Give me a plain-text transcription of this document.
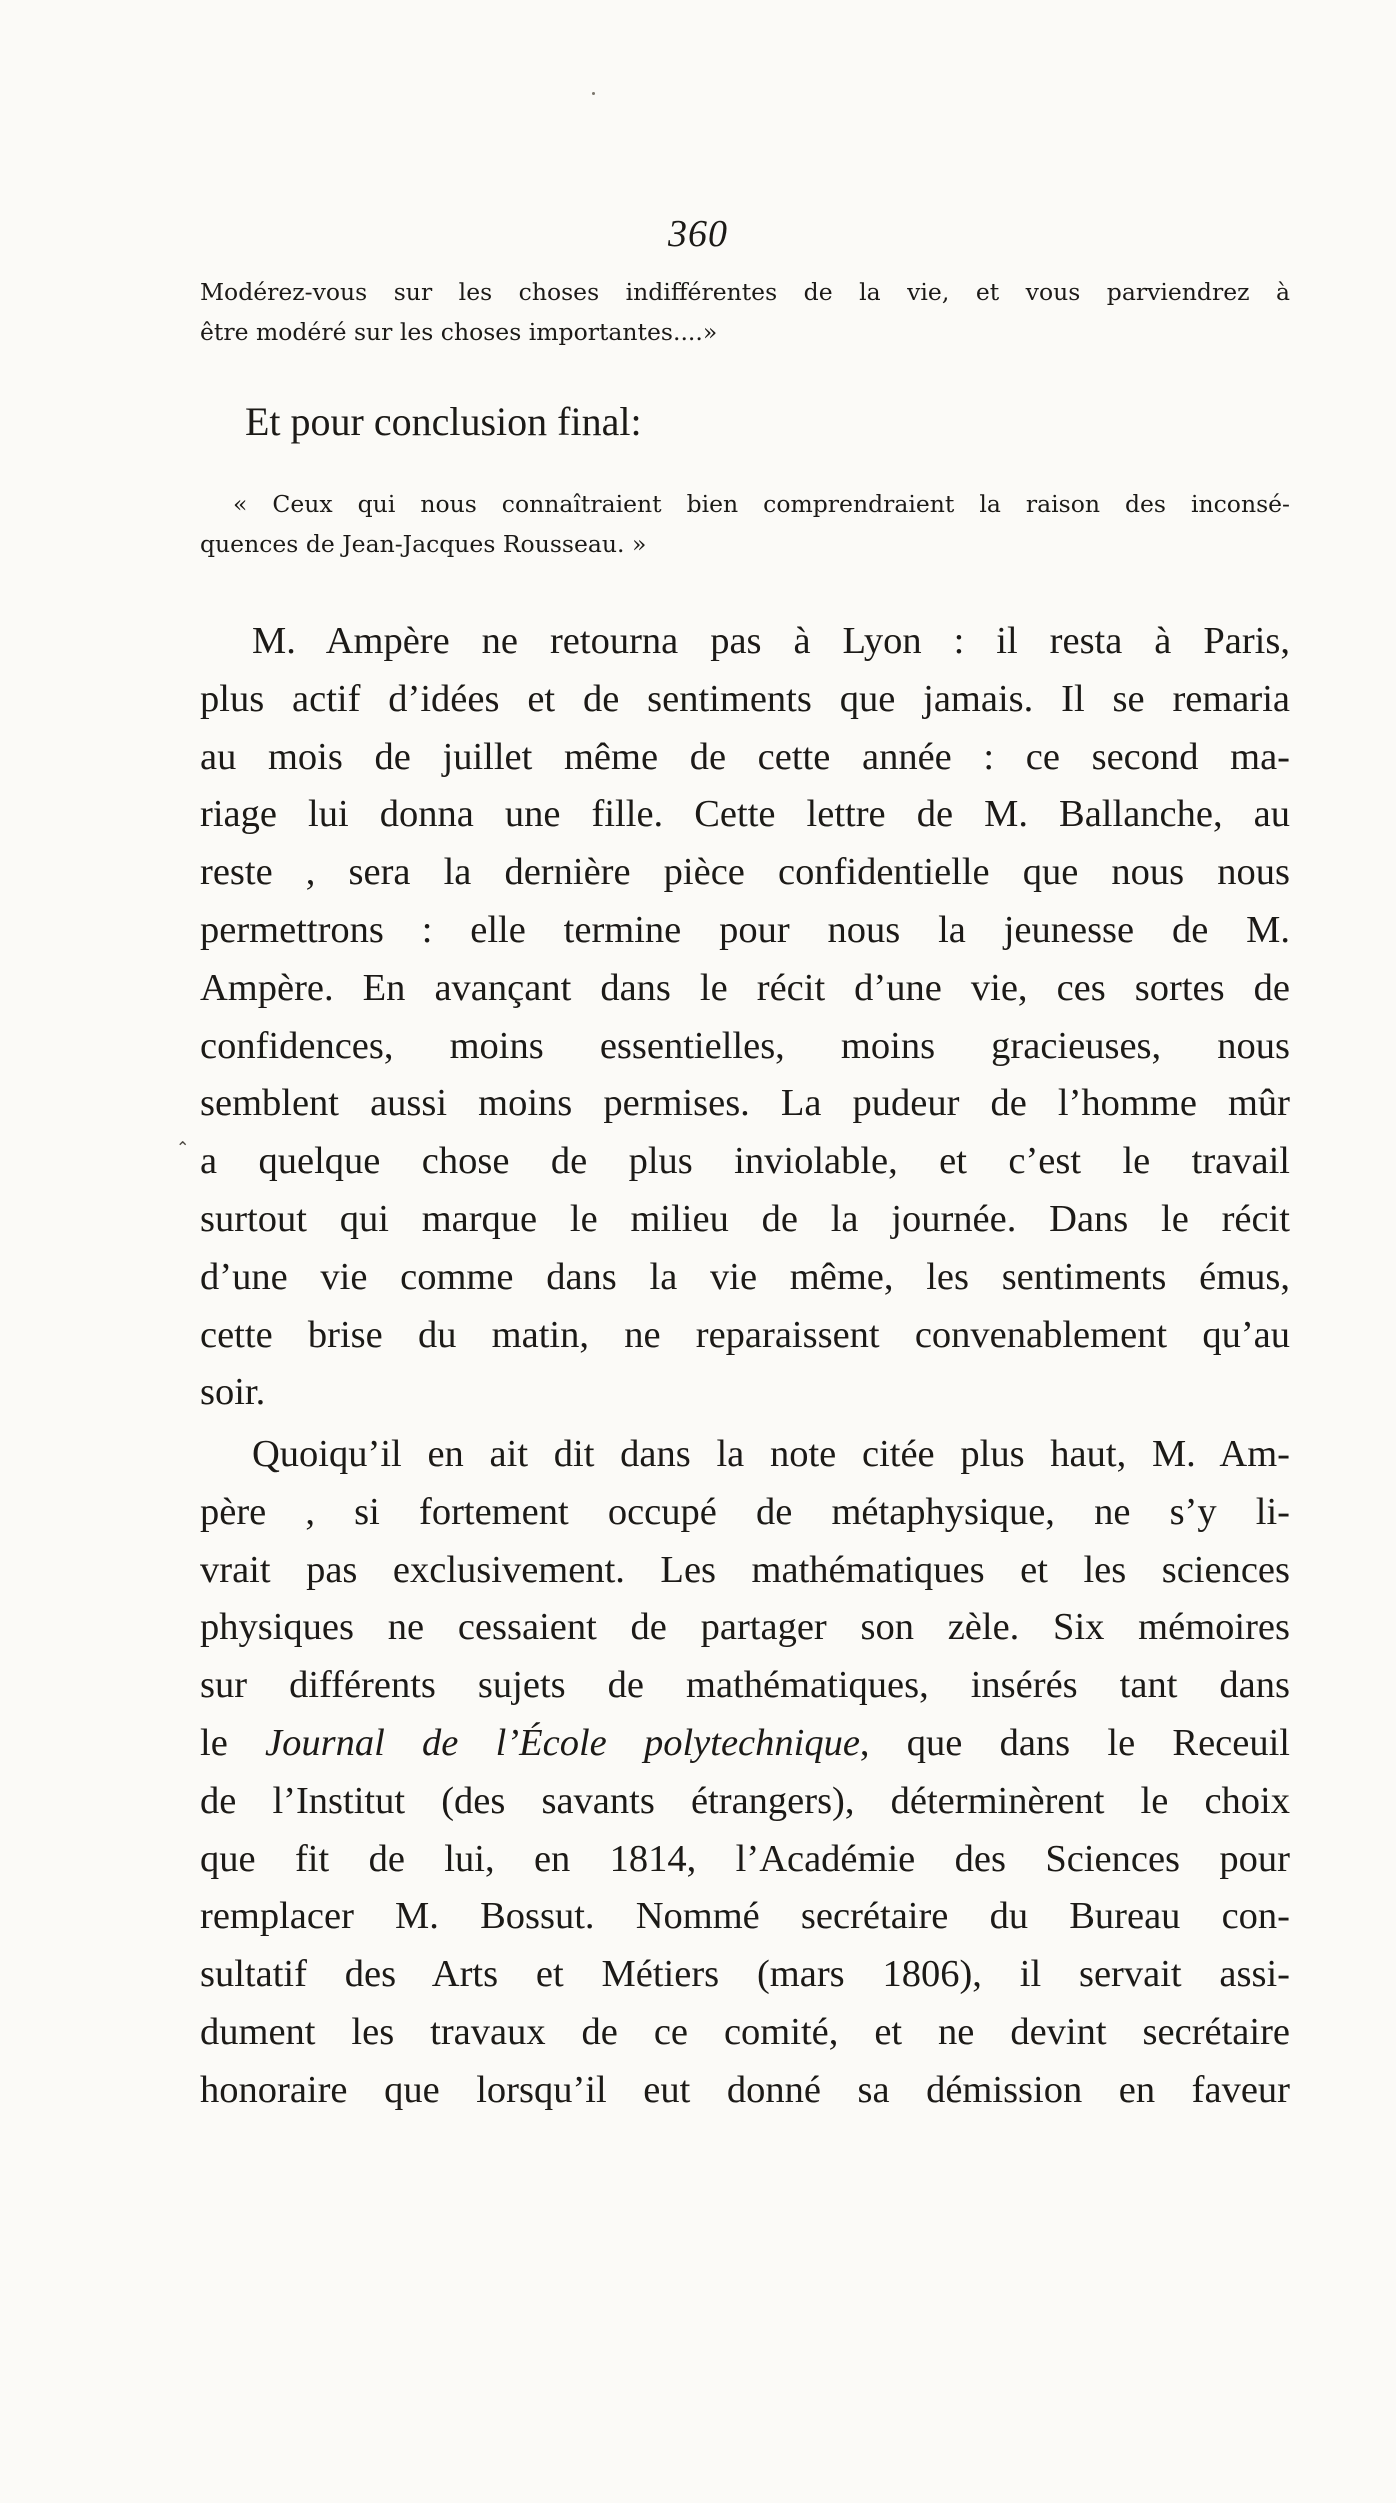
360
Modérez-vous sur les choses indifférentes de la vie, et vous parviendrez à
être modéré sur les choses importantes....»
Et pour conclusion final:
« Ceux qui nous connaîtraient bien comprendraient la raison des inconsé-
quences de Jean-Jacques Rousseau. »
M. Ampère ne retourna pas à Lyon : il resta à Paris,
plus actif d’idées et de sentiments que jamais. Il se remaria
au mois de juillet même de cette année : ce second ma-
riage lui donna une fille. Cette lettre de M. Ballanche, au
reste , sera la dernière pièce confidentielle que nous nous
permettrons : elle termine pour nous la jeunesse de M.
Ampère. En avançant dans le récit d’une vie, ces sortes de
confidences, moins essentielles, moins gracieuses, nous
semblent aussi moins permises. La pudeur de l’homme mûr
a quelque chose de plus inviolable, et c’est le travail
surtout qui marque le milieu de la journée. Dans le récit
d’une vie comme dans la vie même, les sentiments émus,
cette brise du matin, ne reparaissent convenablement qu’au
soir.
⌃
Quoiqu’il en ait dit dans la note citée plus haut, M. Am-
père , si fortement occupé de métaphysique, ne s’y li-
vrait pas exclusivement. Les mathématiques et les sciences
physiques ne cessaient de partager son zèle. Six mémoires
sur différents sujets de mathématiques, insérés tant dans
le Journal de l’École polytechnique, que dans le Receuil
de l’Institut (des savants étrangers), déterminèrent le choix
que fit de lui, en 1814, l’Académie des Sciences pour
remplacer M. Bossut. Nommé secrétaire du Bureau con-
sultatif des Arts et Métiers (mars 1806), il servait assi-
dument les travaux de ce comité, et ne devint secrétaire
honoraire que lorsqu’il eut donné sa démission en faveur
